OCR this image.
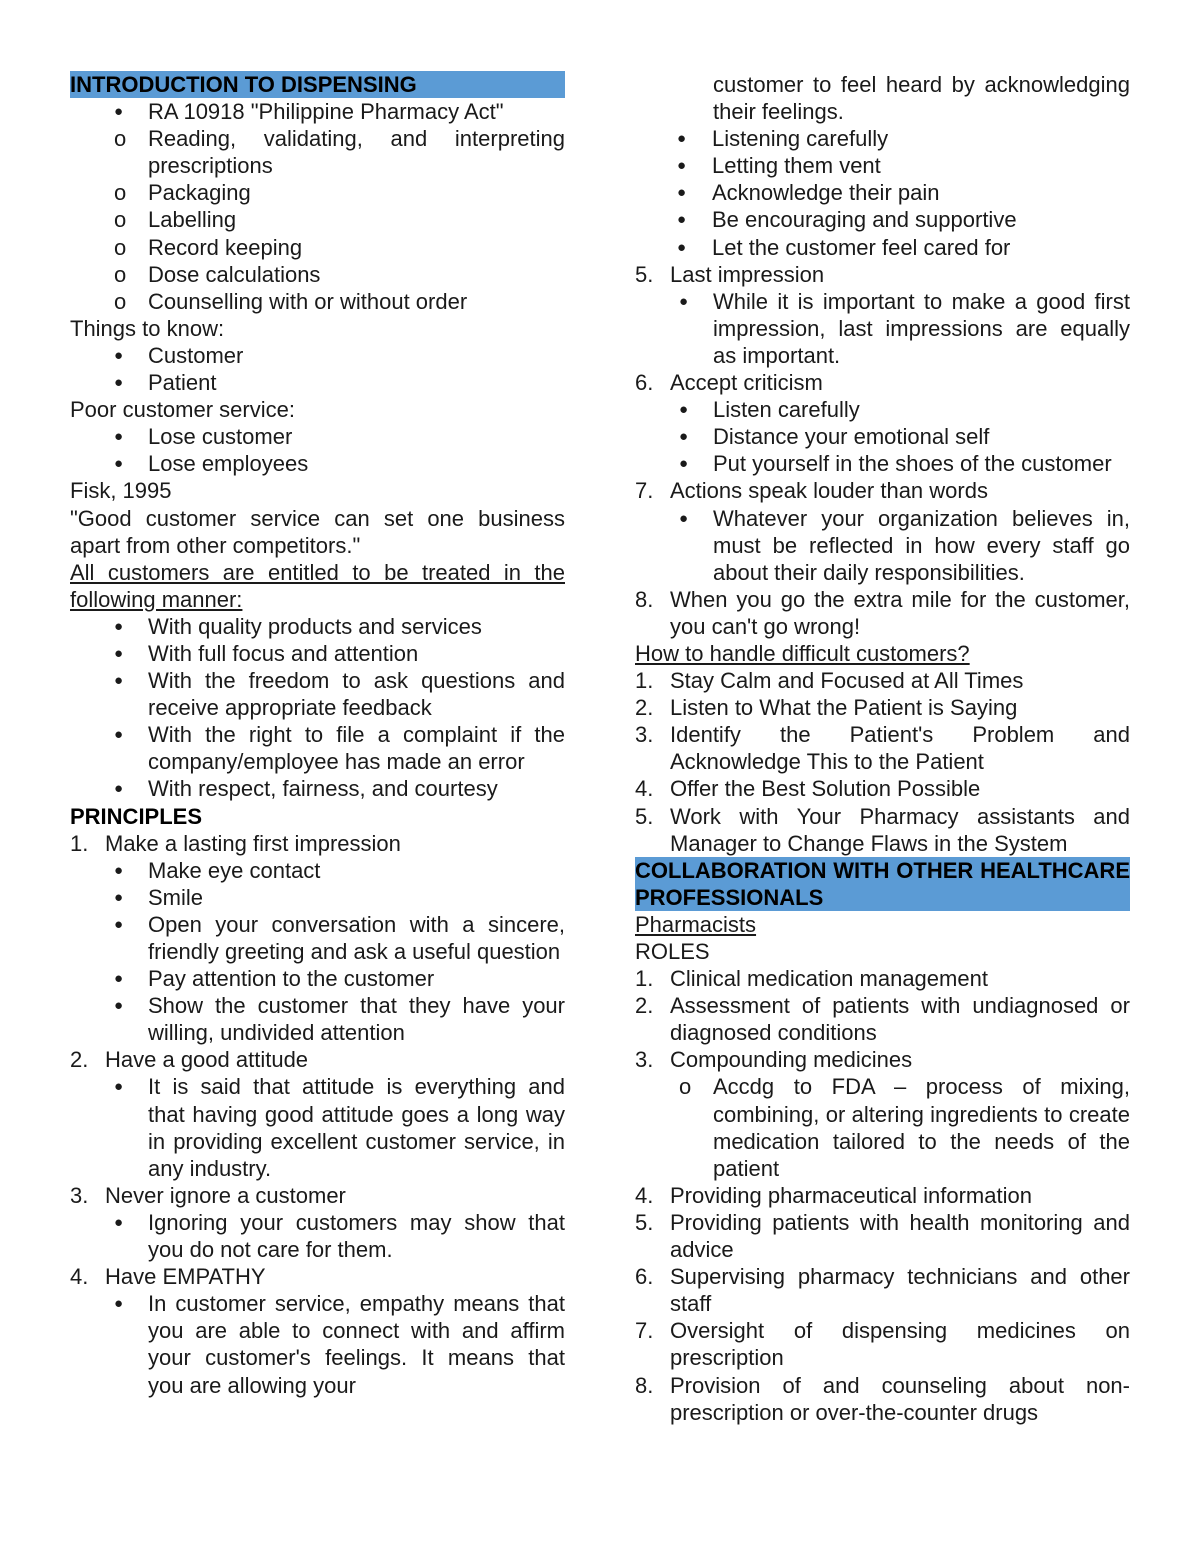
INTRODUCTION TO DISPENSING

● RA 10918 "Philippine Pharmacy Act"
o Reading, validating, and interpreting prescriptions
o Packaging
o Labelling
o Record keeping
o Dose calculations
o Counselling with or without order

Things to know:

● Customer
● Patient

Poor customer service:

● Lose customer
● Lose employees

Fisk, 1995

"Good customer service can set one business apart from other competitors."

All customers are entitled to be treated in the following manner:

● With quality products and services
● With full focus and attention
● With the freedom to ask questions and receive appropriate feedback
● With the right to file a complaint if the company/employee has made an error
● With respect, fairness, and courtesy

PRINCIPLES

1. Make a lasting first impression
● Make eye contact
● Smile
● Open your conversation with a sincere, friendly greeting and ask a useful question
● Pay attention to the customer
● Show the customer that they have your willing, undivided attention
2. Have a good attitude
● It is said that attitude is everything and that having good attitude goes a long way in providing excellent customer service, in any industry.
3. Never ignore a customer
● Ignoring your customers may show that you do not care for them.
4. Have EMPATHY
● In customer service, empathy means that you are able to connect with and affirm your customer's feelings. It means that you are allowing your
customer to feel heard by acknowledging their feelings.
● Listening carefully
● Letting them vent
● Acknowledge their pain
● Be encouraging and supportive
● Let the customer feel cared for
5. Last impression
● While it is important to make a good first impression, last impressions are equally as important.
6. Accept criticism
● Listen carefully
● Distance your emotional self
● Put yourself in the shoes of the customer
7. Actions speak louder than words
● Whatever your organization believes in, must be reflected in how every staff go about their daily responsibilities.
8. When you go the extra mile for the customer, you can't go wrong!

How to handle difficult customers?

1. Stay Calm and Focused at All Times
2. Listen to What the Patient is Saying
3. Identify the Patient's Problem and Acknowledge This to the Patient
4. Offer the Best Solution Possible
5. Work with Your Pharmacy assistants and Manager to Change Flaws in the System

COLLABORATION WITH OTHER HEALTHCARE PROFESSIONALS

Pharmacists

ROLES

1. Clinical medication management
2. Assessment of patients with undiagnosed or diagnosed conditions
3. Compounding medicines
o Accdg to FDA – process of mixing, combining, or altering ingredients to create medication tailored to the needs of the patient
4. Providing pharmaceutical information
5. Providing patients with health monitoring and advice
6. Supervising pharmacy technicians and other staff
7. Oversight of dispensing medicines on prescription
8. Provision of and counseling about non-prescription or over-the-counter drugs
